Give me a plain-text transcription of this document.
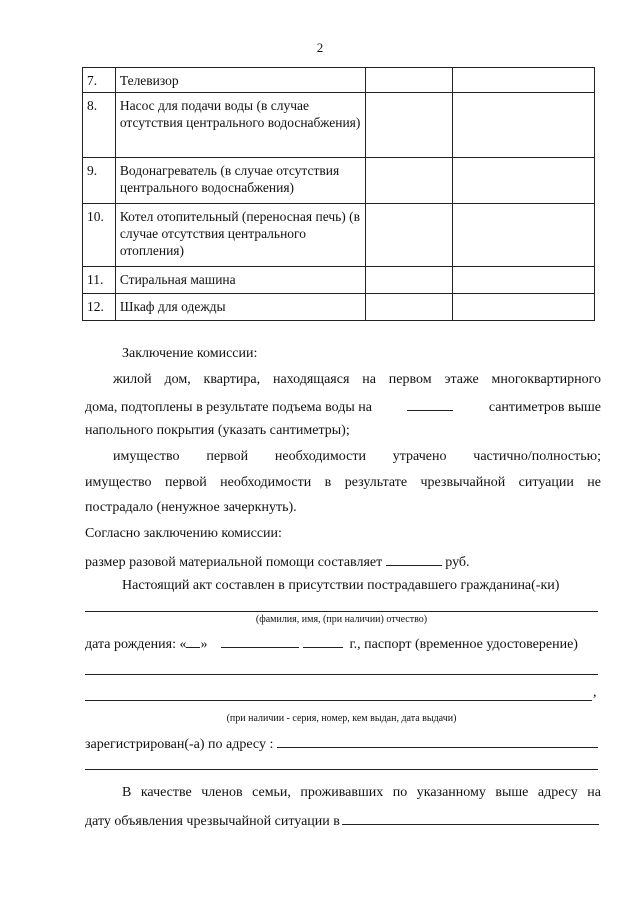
2
7.	Телевизор		
8.	Насос для подачи воды (в случае отсутствия центрального водоснабжения)		
9.	Водонагреватель (в случае отсутствия центрального водоснабжения)		
10.	Котел отопительный (переносная печь) (в случае отсутствия центрального отопления)		
11.	Стиральная машина		
12.	Шкаф для одежды		
Заключение комиссии:
жилой дом, квартира, находящаяся на первом этаже многоквартирного
дома, подтоплены в результате подъема воды на	сантиметров выше
напольного покрытия (указать сантиметры);
имущество первой необходимости утрачено частично/полностью;
имущество первой необходимости в результате чрезвычайной ситуации не
пострадало (ненужное зачеркнуть).
Согласно заключению комиссии:
размер разовой материальной помощи составляет	руб.
Настоящий акт составлен в присутствии пострадавшего гражданина(-ки)
(фамилия, имя, (при наличии) отчество)
дата рождения: « »	г., паспорт (временное удостоверение)
,
(при наличии - серия, номер, кем выдан, дата выдачи)
зарегистрирован(-а) по адресу :
В качестве членов семьи, проживавших по указанному выше адресу на
дату объявления чрезвычайной ситуации в
